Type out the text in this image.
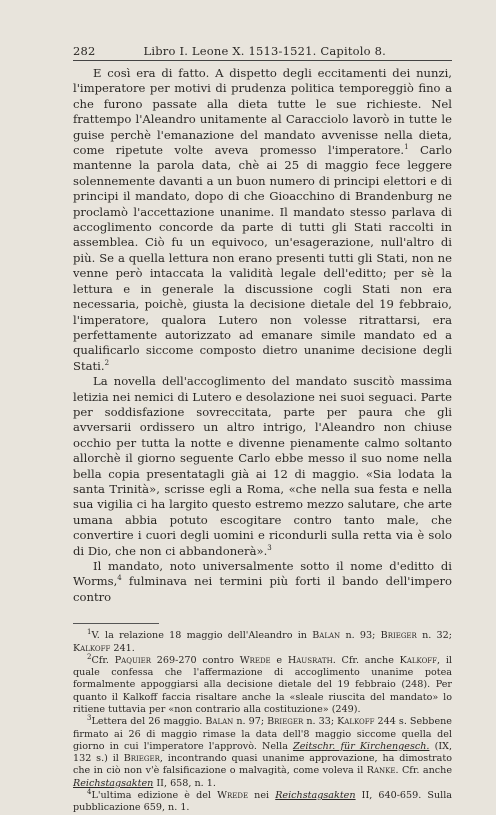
282	Libro I. Leone X. 1513-1521. Capitolo 8.

E così era di fatto. A dispetto degli eccitamenti dei nunzi, l'imperatore per motivi di prudenza politica temporeggiò fino a che furono passate alla dieta tutte le sue richieste. Nel frattempo l'Aleandro unitamente al Caracciolo lavorò in tutte le guise perchè l'emanazione del mandato avvenisse nella dieta, come ripetute volte aveva promesso l'imperatore.$^1$ Carlo mantenne la parola data, chè ai 25 di maggio fece leggere solennemente davanti a un buon numero di principi elettori e di principi il mandato, dopo di che Gioacchino di Brandenburg ne proclamò l'accettazione unanime. Il mandato stesso parlava di accoglimento concorde da parte di tutti gli Stati raccolti in assemblea. Ciò fu un equivoco, un'esagerazione, null'altro di più. Se a quella lettura non erano presenti tutti gli Stati, non ne venne però intaccata la validità legale dell'editto; per sè la lettura e in generale la discussione cogli Stati non era necessaria, poichè, giusta la decisione dietale del 19 febbraio, l'imperatore, qualora Lutero non volesse ritrattarsi, era perfettamente autorizzato ad emanare simile mandato ed a qualificarlo siccome composto dietro unanime decisione degli Stati.$^2$

La novella dell'accoglimento del mandato suscitò massima letizia nei nemici di Lutero e desolazione nei suoi seguaci. Parte per soddisfazione sovreccitata, parte per paura che gli avversarii ordissero un altro intrigo, l'Aleandro non chiuse occhio per tutta la notte e divenne pienamente calmo soltanto allorchè il giorno seguente Carlo ebbe messo il suo nome nella bella copia presentatagli già ai 12 di maggio. «Sia lodata la santa Trinità», scrisse egli a Roma, «che nella sua festa e nella sua vigilia ci ha largito questo estremo mezzo salutare, che arte umana abbia potuto escogitare contro tanto male, che convertire i cuori degli uomini e ricondurli sulla retta via è solo di Dio, che non ci abbandonerà».$^3$

Il mandato, noto universalmente sotto il nome d'editto di Worms,$^4$ fulminava nei termini più forti il bando dell'impero contro

$^1$V. la relazione 18 maggio dell'Aleandro in Balan n. 93; Brieger n. 32; Kalkoff 241.

$^2$Cfr. Paquier 269-270 contro Wrede e Hausrath. Cfr. anche Kalkoff, il quale confessa che l'affermazione di accoglimento unanime potea formalmente appoggiarsi alla decisione dietale del 19 febbraio (248). Per quanto il Kalkoff faccia risaltare anche la «sleale riuscita del mandato» lo ritiene tuttavia per «non contrario alla costituzione» (249).

$^3$Lettera del 26 maggio. Balan n. 97; Brieger n. 33; Kalkoff 244 s. Sebbene firmato ai 26 di maggio rimase la data dell'8 maggio siccome quella del giorno in cui l'imperatore l'approvò. Nella Zeitschr. für Kirchengesch. (IX, 132 s.) il Brieger, incontrando quasi unanime approvazione, ha dimostrato che in ciò non v'è falsificazione o malvagità, come voleva il Ranke. Cfr. anche Reichstagsakten II, 658, n. 1.

$^4$L'ultima edizione è del Wrede nei Reichstagsakten II, 640-659. Sulla pubblicazione 659, n. 1.
